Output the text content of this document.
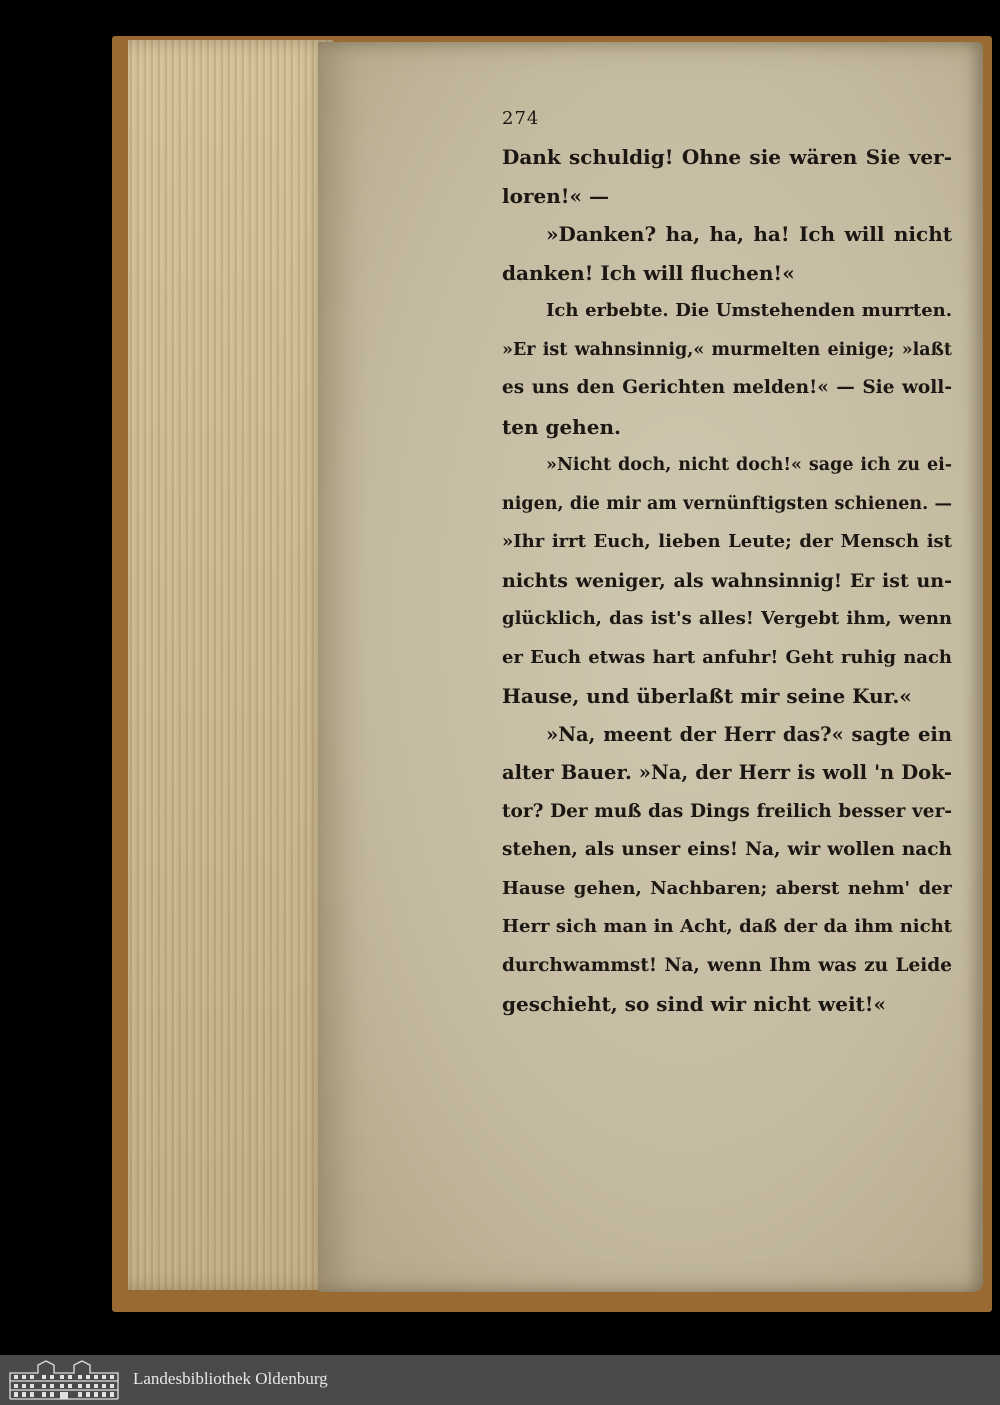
274
Dank schuldig! Ohne sie wären Sie ver-
loren!« —
»Danken? ha, ha, ha! Ich will nicht
danken! Ich will fluchen!«
Ich erbebte. Die Umstehenden murrten.
»Er ist wahnsinnig,« murmelten einige; »laßt
es uns den Gerichten melden!« — Sie woll-
ten gehen.
»Nicht doch, nicht doch!« sage ich zu ei-
nigen, die mir am vernünftigsten schienen. —
»Ihr irrt Euch, lieben Leute; der Mensch ist
nichts weniger, als wahnsinnig! Er ist un-
glücklich, das ist's alles! Vergebt ihm, wenn
er Euch etwas hart anfuhr! Geht ruhig nach
Hause, und überlaßt mir seine Kur.«
»Na, meent der Herr das?« sagte ein
alter Bauer. »Na, der Herr is woll 'n Dok-
tor? Der muß das Dings freilich besser ver-
stehen, als unser eins! Na, wir wollen nach
Hause gehen, Nachbaren; aberst nehm' der
Herr sich man in Acht, daß der da ihm nicht
durchwammst! Na, wenn Ihm was zu Leide
geschieht, so sind wir nicht weit!«
Landesbibliothek Oldenburg
